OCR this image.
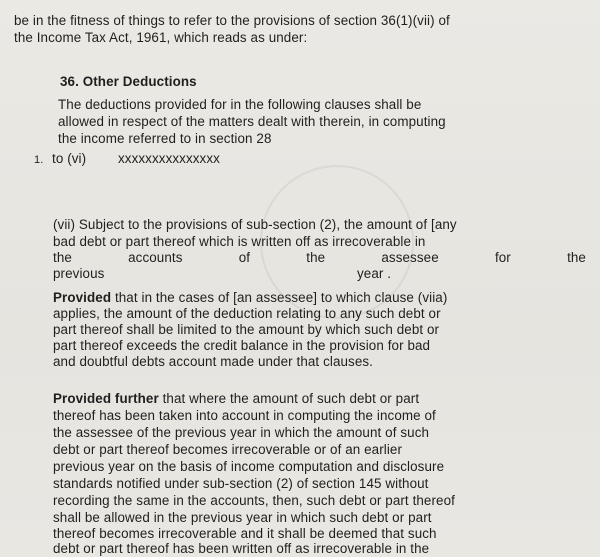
be in the fitness of things to refer to the provisions of section 36(1)(vii) of
the Income Tax Act, 1961, which reads as under:
36. Other Deductions
The deductions provided for in the following clauses shall be
allowed in respect of the matters dealt with therein, in computing
the income referred to in section 28
1. to (vi) xxxxxxxxxxxxxxx
(vii) Subject to the provisions of sub-section (2), the amount of [any
bad debt or part thereof which is written off as irrecoverable in
the	accounts	of	the	assessee	for	the
previous	year .
Provided that in the cases of [an assessee] to which clause (viia)
applies, the amount of the deduction relating to any such debt or
part thereof shall be limited to the amount by which such debt or
part thereof exceeds the credit balance in the provision for bad
and doubtful debts account made under that clauses.
Provided further that where the amount of such debt or part
thereof has been taken into account in computing the income of
the assessee of the previous year in which the amount of such
debt or part thereof becomes irrecoverable or of an earlier
previous year on the basis of income computation and disclosure
standards notified under sub-section (2) of section 145 without
recording the same in the accounts, then, such debt or part thereof
shall be allowed in the previous year in which such debt or part
thereof becomes irrecoverable and it shall be deemed that such
debt or part thereof has been written off as irrecoverable in the
